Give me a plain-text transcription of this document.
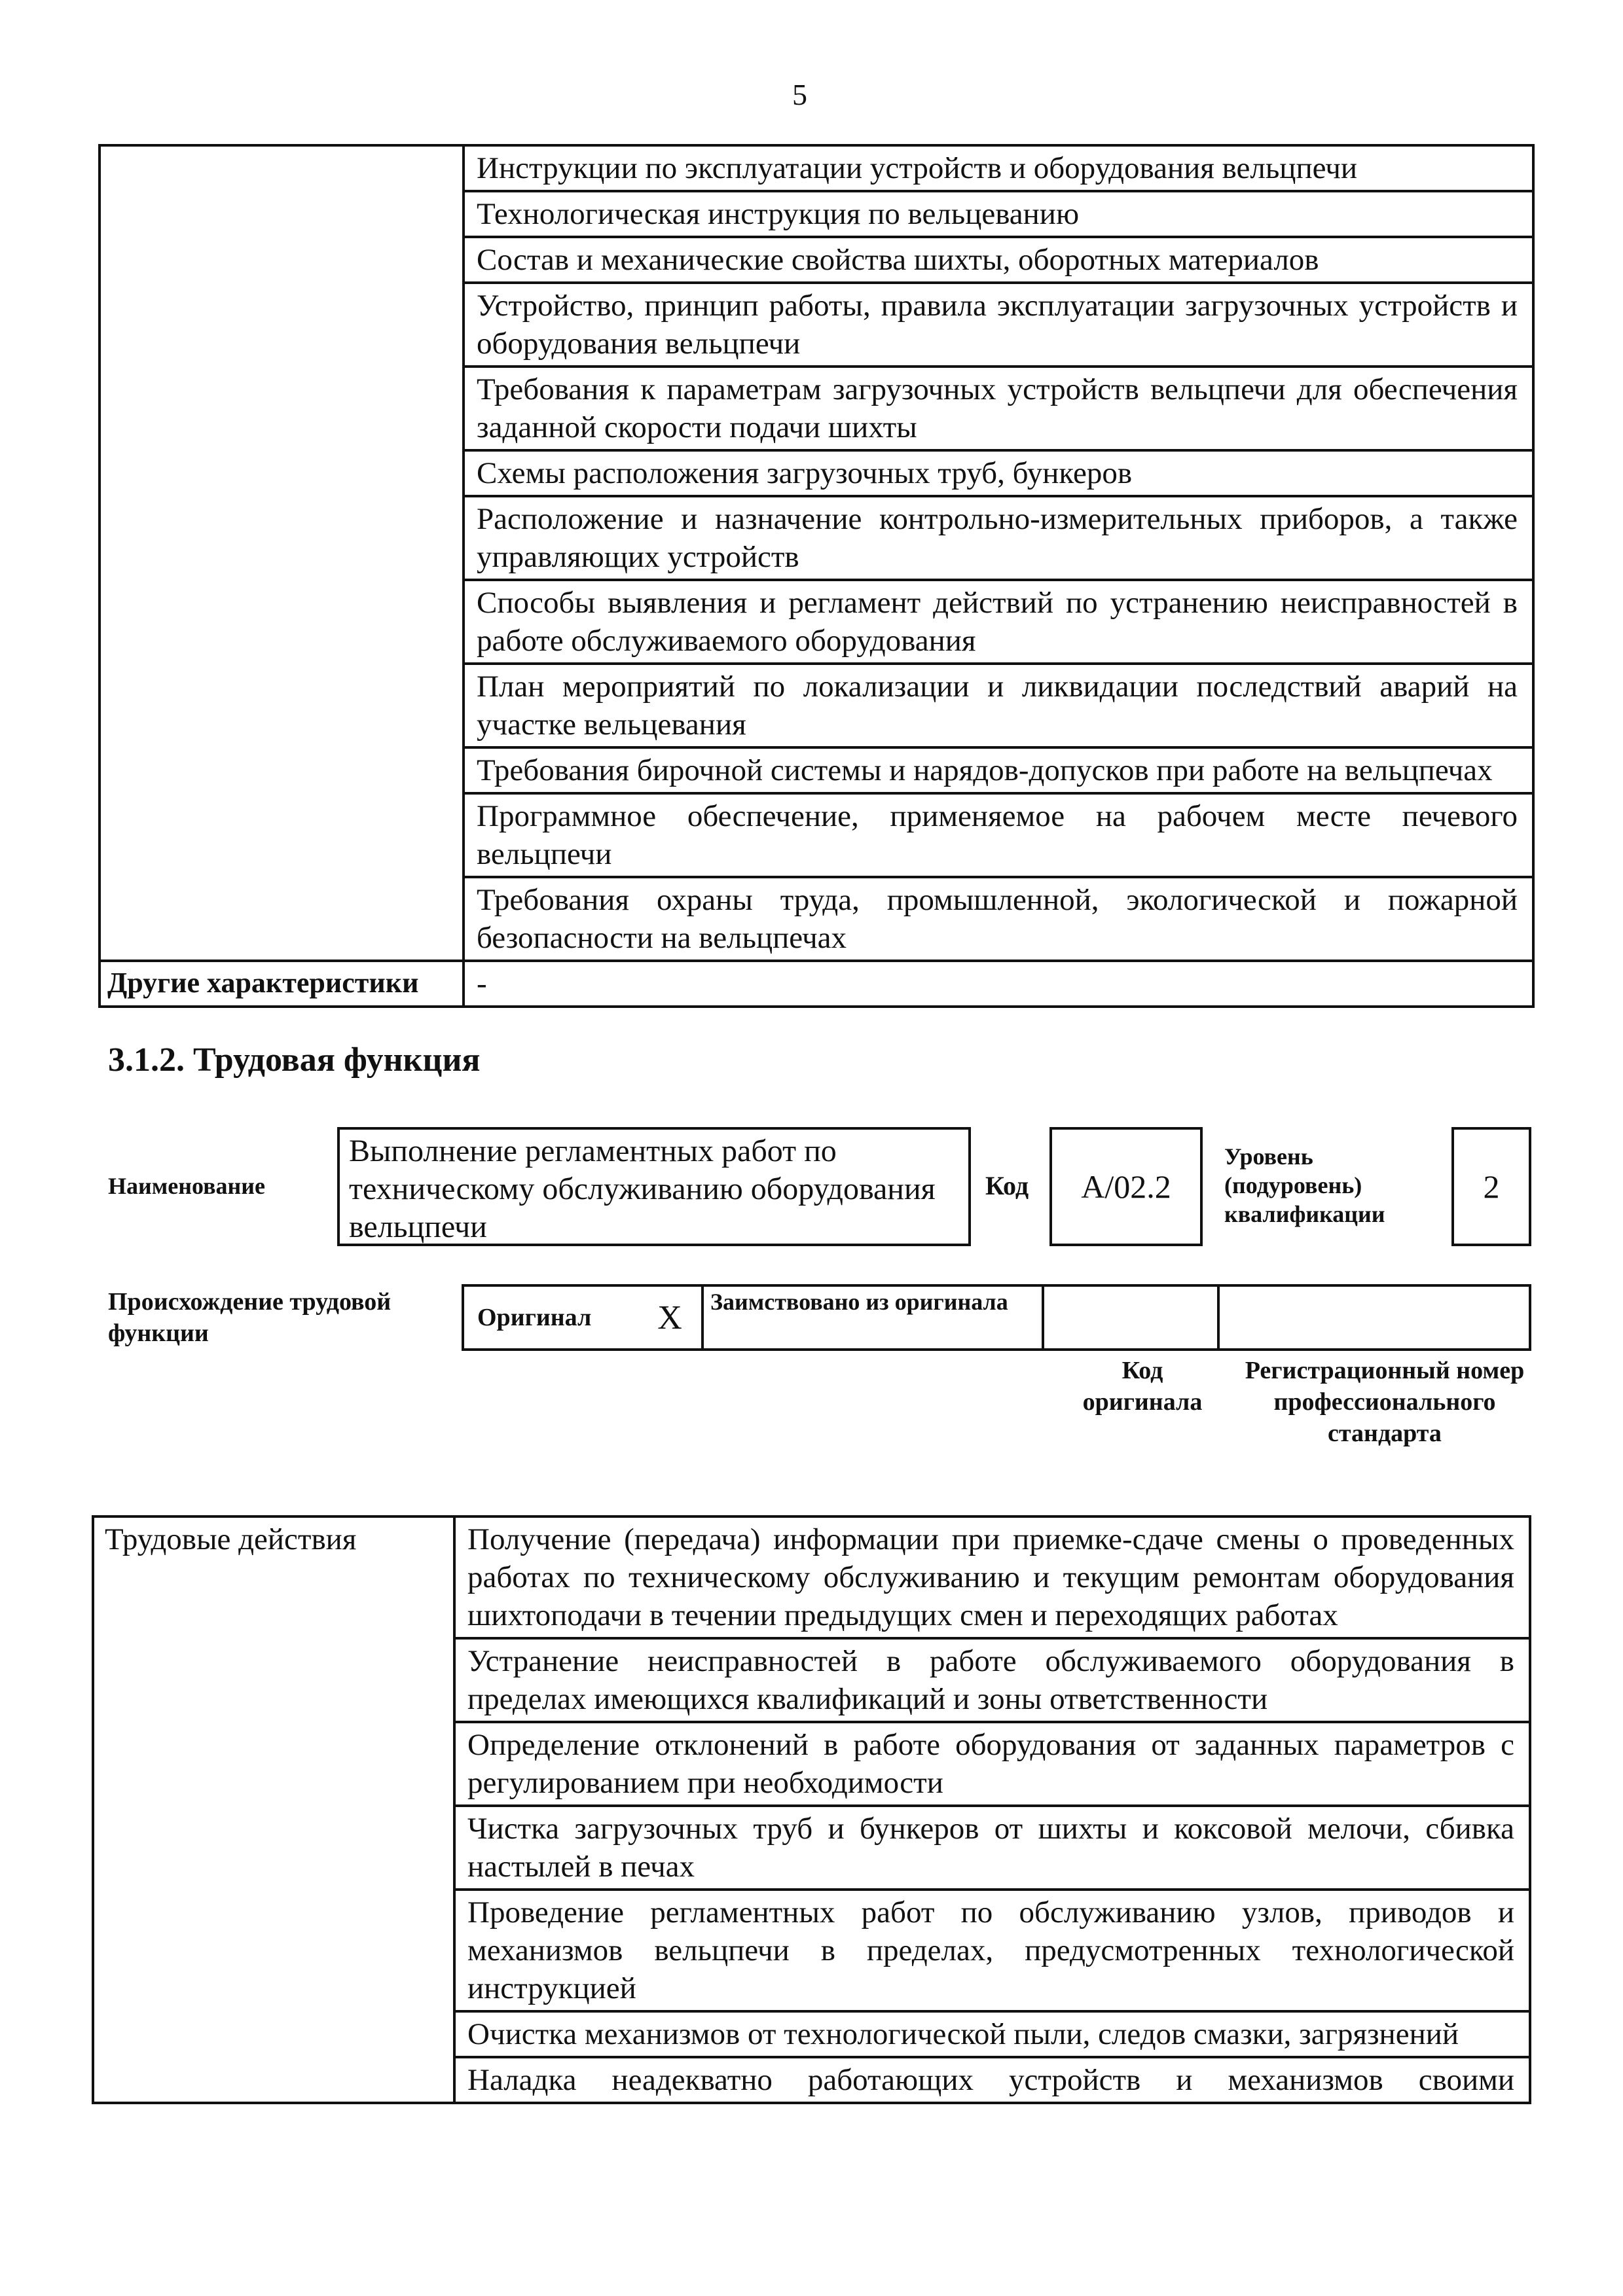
5
	Инструкции по эксплуатации устройств и оборудования вельцпечи
	Технологическая инструкция по вельцеванию
	Состав и механические свойства шихты, оборотных материалов
	Устройство, принцип работы, правила эксплуатации загрузочных устройств и оборудования вельцпечи
	Требования к параметрам загрузочных устройств вельцпечи для обеспечения заданной скорости подачи шихты
	Схемы расположения загрузочных труб, бункеров
	Расположение и назначение контрольно-измерительных приборов, а также управляющих устройств
	Способы выявления и регламент действий по устранению неисправностей в работе обслуживаемого оборудования
	План мероприятий по локализации и ликвидации последствий аварий на участке вельцевания
	Требования бирочной системы и нарядов-допусков при работе на вельцпечах
	Программное обеспечение, применяемое на рабочем месте печевого вельцпечи
	Требования охраны труда, промышленной, экологической и пожарной безопасности на вельцпечах
Другие характеристики	-
3.1.2. Трудовая функция
Наименование
Выполнение регламентных работ по техническому обслуживанию оборудования вельцпечи
Код	А/02.2
Уровень (подуровень) квалификации
2
Происхождение трудовой функции
Оригинал	X	Заимствовано из оригинала		
Код оригинала
Регистрационный номер профессионального стандарта
Трудовые действия	Получение (передача) информации при приемке-сдаче смены о проведенных работах по техническому обслуживанию и текущим ремонтам оборудования шихтоподачи в течении предыдущих смен и переходящих работах
Устранение неисправностей в работе обслуживаемого оборудования в пределах имеющихся квалификаций и зоны ответственности
Определение отклонений в работе оборудования от заданных параметров с регулированием при необходимости
Чистка загрузочных труб и бункеров от шихты и коксовой мелочи, сбивка настылей в печах
Проведение регламентных работ по обслуживанию узлов, приводов и механизмов вельцпечи в пределах, предусмотренных технологической инструкцией
Очистка механизмов от технологической пыли, следов смазки, загрязнений
Наладка неадекватно работающих устройств и механизмов своими
